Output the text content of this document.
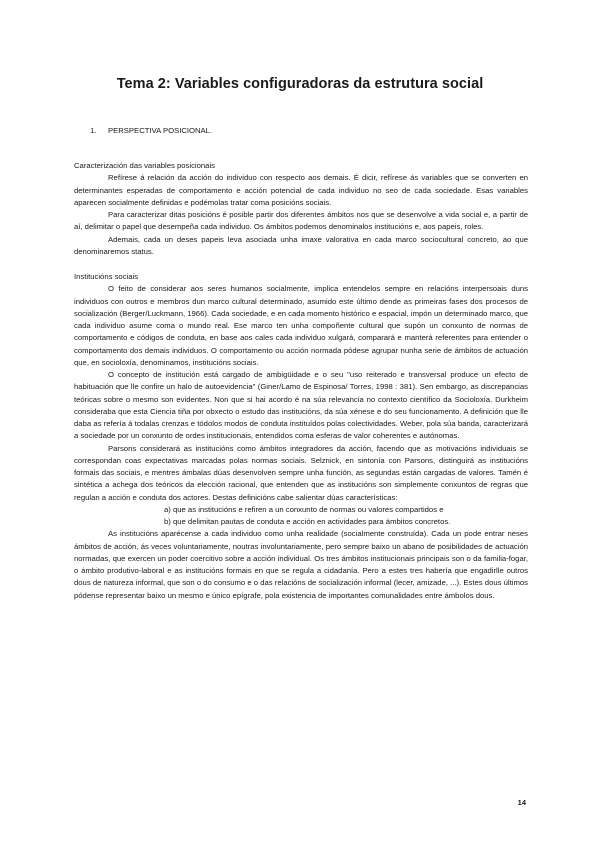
Tema 2: Variables configuradoras da estrutura social
1. PERSPECTIVA POSICIONAL.

Caracterización das variables posicionais

Refírese á relación da acción do individuo con respecto aos demais. É dicir, refírese ás variables que se converten en determinantes esperadas de comportamento e acción potencial de cada individuo no seo de cada sociedade. Esas variables aparecen socialmente definidas e podémolas tratar coma posicións sociais.

Para caracterizar ditas posicións é posible partir dos diferentes ámbitos nos que se desenvolve a vida social e, a partir de aí, delimitar o papel que desempeña cada individuo. Os ámbitos podemos denominalos institucións e, aos papeis, roles.

Ademais, cada un deses papeis leva asociada unha imaxe valorativa en cada marco sociocultural concreto, ao que denominaremos status.

Institucións sociais

O feito de considerar aos seres humanos socialmente, implica entendelos sempre en relacións interpersoais duns individuos con outros e membros dun marco cultural determinado, asumido este último dende as primeiras fases dos procesos de socialización (Berger/Luckmann, 1966). Cada sociedade, e en cada momento histórico e espacial, impón un determinado marco, que cada individuo asume coma o mundo real. Ese marco ten unha compoñente cultural que supón un conxunto de normas de comportamento e códigos de conduta, en base aos cales cada individuo xulgará, comparará e manterá referentes para entender o comportamento dos demais individuos. O comportamento ou acción normada pódese agrupar nunha serie de ámbitos de actuación que, en socioloxía, denominamos, institucións sociais.

O concepto de institución está cargado de ambigüidade e o seu "uso reiterado e transversal produce un efecto de habituación que lle confire un halo de autoevidencia" (Giner/Lamo de Espinosa/ Torres, 1998 : 381). Sen embargo, as discrepancias teóricas sobre o mesmo son evidentes. Non que si hai acordo é na súa relevancia no contexto científico da Socioloxía. Durkheim consideraba que esta Ciencia tiña por obxecto o estudo das institucións, da súa xénese e do seu funcionamento. A definición que lle daba as refería á todalas crenzas e tódolos modos de conduta instituídos polas colectividades. Weber, pola súa banda, caracterizará a sociedade por un conxunto de ordes institucionais, entendidos coma esferas de valor coherentes e autónomas.

Parsons considerará as institucións como ámbitos integradores da acción, facendo que as motivacións individuais se correspondan coas expectativas marcadas polas normas sociais. Selznick, en sintonía con Parsons, distinguirá as institucións formais das sociais, e mentres ámbalas dúas desenvolven sempre unha función, as segundas están cargadas de valores. Tamén é sintética a achega dos teóricos da elección racional, que entenden que as institucións son simplemente conxuntos de regras que regulan a acción e conduta dos actores. Destas definicións cabe salientar dúas características:

a) que as institucións e refiren a un conxunto de normas ou valores compartidos e

b) que delimitan pautas de conduta e acción en actividades para ámbitos concretos.

As institucións aparécense a cada individuo como unha realidade (socialmente construída). Cada un pode entrar neses ámbitos de acción, ás veces voluntariamente, noutras involuntariamente, pero sempre baixo un abano de posibilidades de actuación normadas, que exercen un poder coercitivo sobre a acción individual. Os tres ámbitos institucionais principais son o da familia-fogar, o ámbito produtivo-laboral e as institucións formais en que se regula a cidadanía. Pero a estes tres habería que engadirlle outros dous de natureza informal, que son o do consumo e o das relacións de socialización informal (lecer, amizade, ...). Estes dous últimos pódense representar baixo un mesmo e único epígrafe, pola existencia de importantes comunalidades entre ámbolos dous.

14
